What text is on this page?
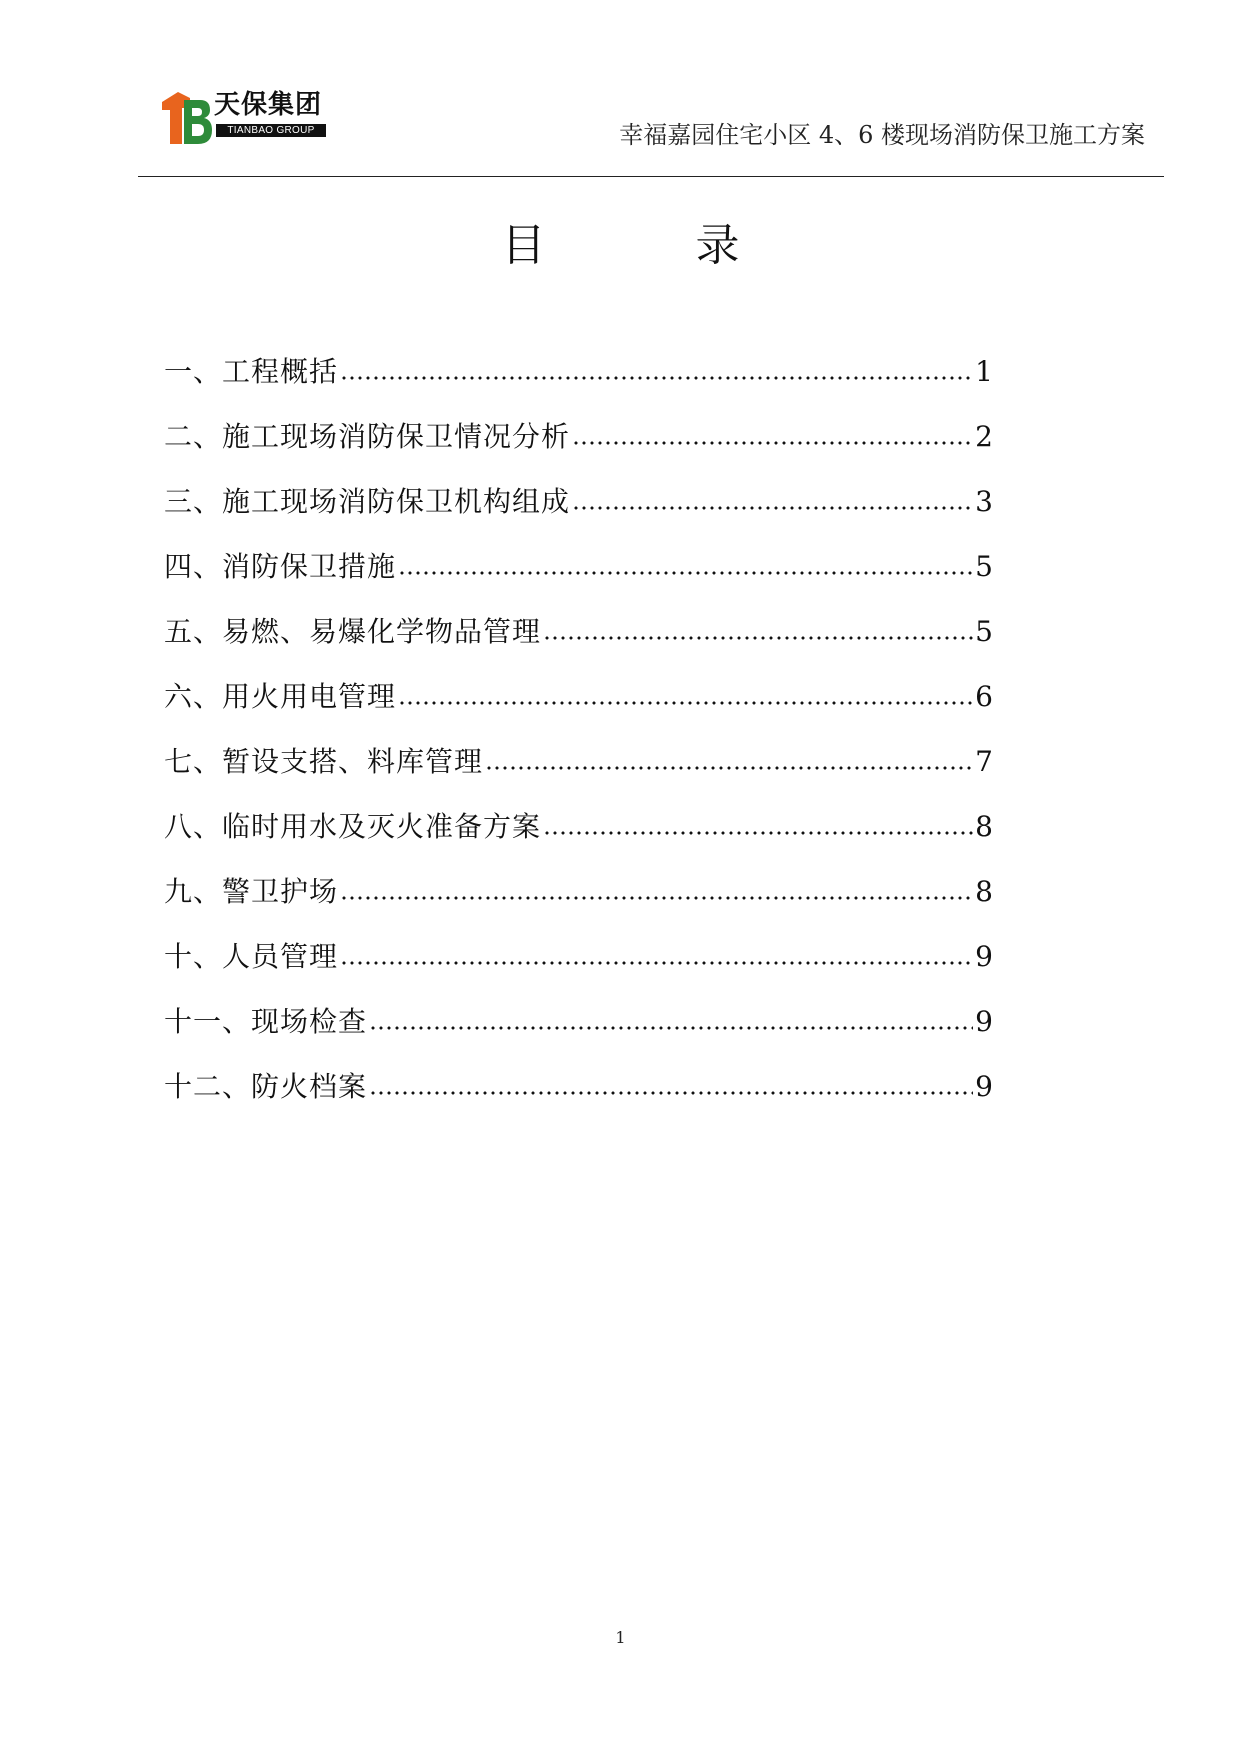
天保集团
TIANBAO GROUP	幸福嘉园住宅小区 4、6 楼现场消防保卫施工方案
目	录
一、工程概括	1
二、施工现场消防保卫情况分析	2
三、施工现场消防保卫机构组成	3
四、消防保卫措施	5
五、易燃、易爆化学物品管理	5
六、用火用电管理	6
七、暂设支搭、料库管理	7
八、临时用水及灭火准备方案	8
九、警卫护场	8
十、人员管理	9
十一、现场检查	9
十二、防火档案	9
1
